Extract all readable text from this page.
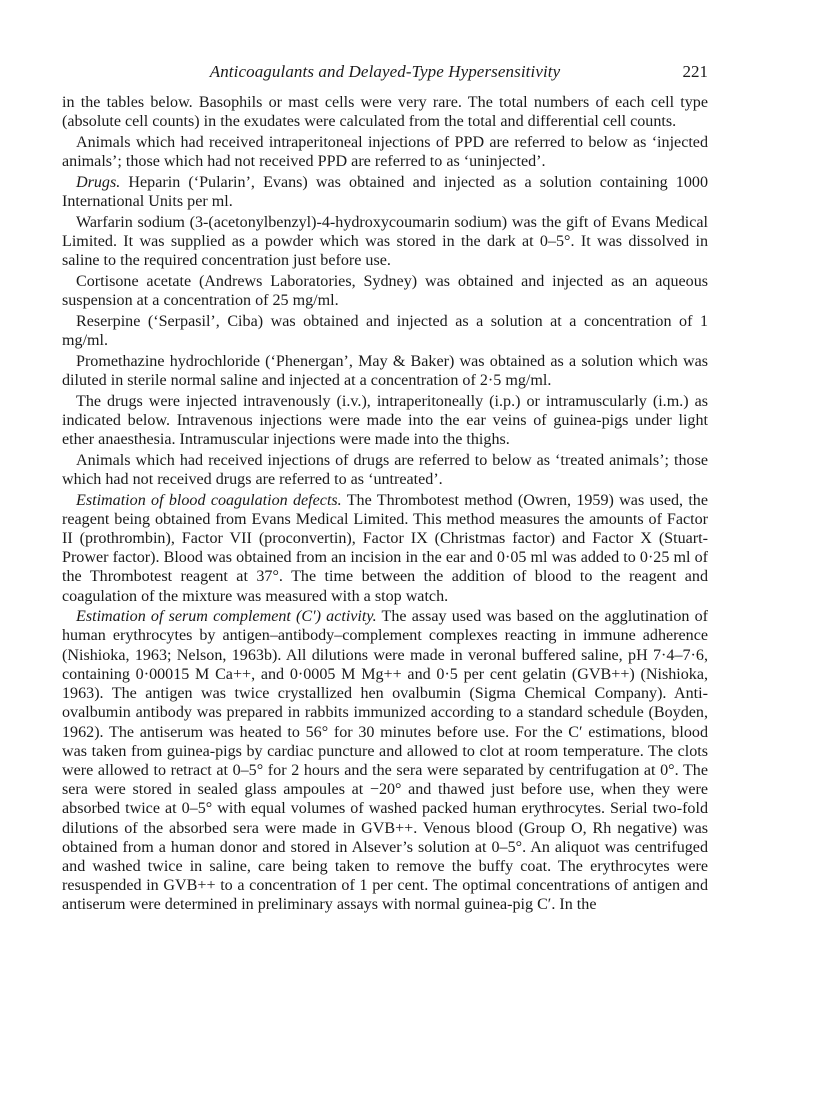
Anticoagulants and Delayed-Type Hypersensitivity	221

in the tables below. Basophils or mast cells were very rare. The total numbers of each cell type (absolute cell counts) in the exudates were calculated from the total and differential cell counts.

Animals which had received intraperitoneal injections of PPD are referred to below as ‘injected animals’; those which had not received PPD are referred to as ‘uninjected’.

Drugs. Heparin (‘Pularin’, Evans) was obtained and injected as a solution containing 1000 International Units per ml.

Warfarin sodium (3-(acetonylbenzyl)-4-hydroxycoumarin sodium) was the gift of Evans Medical Limited. It was supplied as a powder which was stored in the dark at 0–5°. It was dissolved in saline to the required concentration just before use.

Cortisone acetate (Andrews Laboratories, Sydney) was obtained and injected as an aqueous suspension at a concentration of 25 mg/ml.

Reserpine (‘Serpasil’, Ciba) was obtained and injected as a solution at a concentration of 1 mg/ml.

Promethazine hydrochloride (‘Phenergan’, May & Baker) was obtained as a solution which was diluted in sterile normal saline and injected at a concentration of 2·5 mg/ml.

The drugs were injected intravenously (i.v.), intraperitoneally (i.p.) or intramuscularly (i.m.) as indicated below. Intravenous injections were made into the ear veins of guinea-pigs under light ether anaesthesia. Intramuscular injections were made into the thighs.

Animals which had received injections of drugs are referred to below as ‘treated animals’; those which had not received drugs are referred to as ‘untreated’.

Estimation of blood coagulation defects. The Thrombotest method (Owren, 1959) was used, the reagent being obtained from Evans Medical Limited. This method measures the amounts of Factor II (prothrombin), Factor VII (proconvertin), Factor IX (Christmas factor) and Factor X (Stuart-Prower factor). Blood was obtained from an incision in the ear and 0·05 ml was added to 0·25 ml of the Thrombotest reagent at 37°. The time between the addition of blood to the reagent and coagulation of the mixture was measured with a stop watch.

Estimation of serum complement (C′) activity. The assay used was based on the agglutination of human erythrocytes by antigen–antibody–complement complexes reacting in immune adherence (Nishioka, 1963; Nelson, 1963b). All dilutions were made in veronal buffered saline, pH 7·4–7·6, containing 0·00015 M Ca++, and 0·0005 M Mg++ and 0·5 per cent gelatin (GVB++) (Nishioka, 1963). The antigen was twice crystallized hen ovalbumin (Sigma Chemical Company). Anti-ovalbumin antibody was prepared in rabbits immunized according to a standard schedule (Boyden, 1962). The antiserum was heated to 56° for 30 minutes before use. For the C′ estimations, blood was taken from guinea-pigs by cardiac puncture and allowed to clot at room temperature. The clots were allowed to retract at 0–5° for 2 hours and the sera were separated by centrifugation at 0°. The sera were stored in sealed glass ampoules at −20° and thawed just before use, when they were absorbed twice at 0–5° with equal volumes of washed packed human erythrocytes. Serial two-fold dilutions of the absorbed sera were made in GVB++. Venous blood (Group O, Rh negative) was obtained from a human donor and stored in Alsever’s solution at 0–5°. An aliquot was centrifuged and washed twice in saline, care being taken to remove the buffy coat. The erythrocytes were resuspended in GVB++ to a concentration of 1 per cent. The optimal concentrations of antigen and antiserum were determined in preliminary assays with normal guinea-pig C′. In the
